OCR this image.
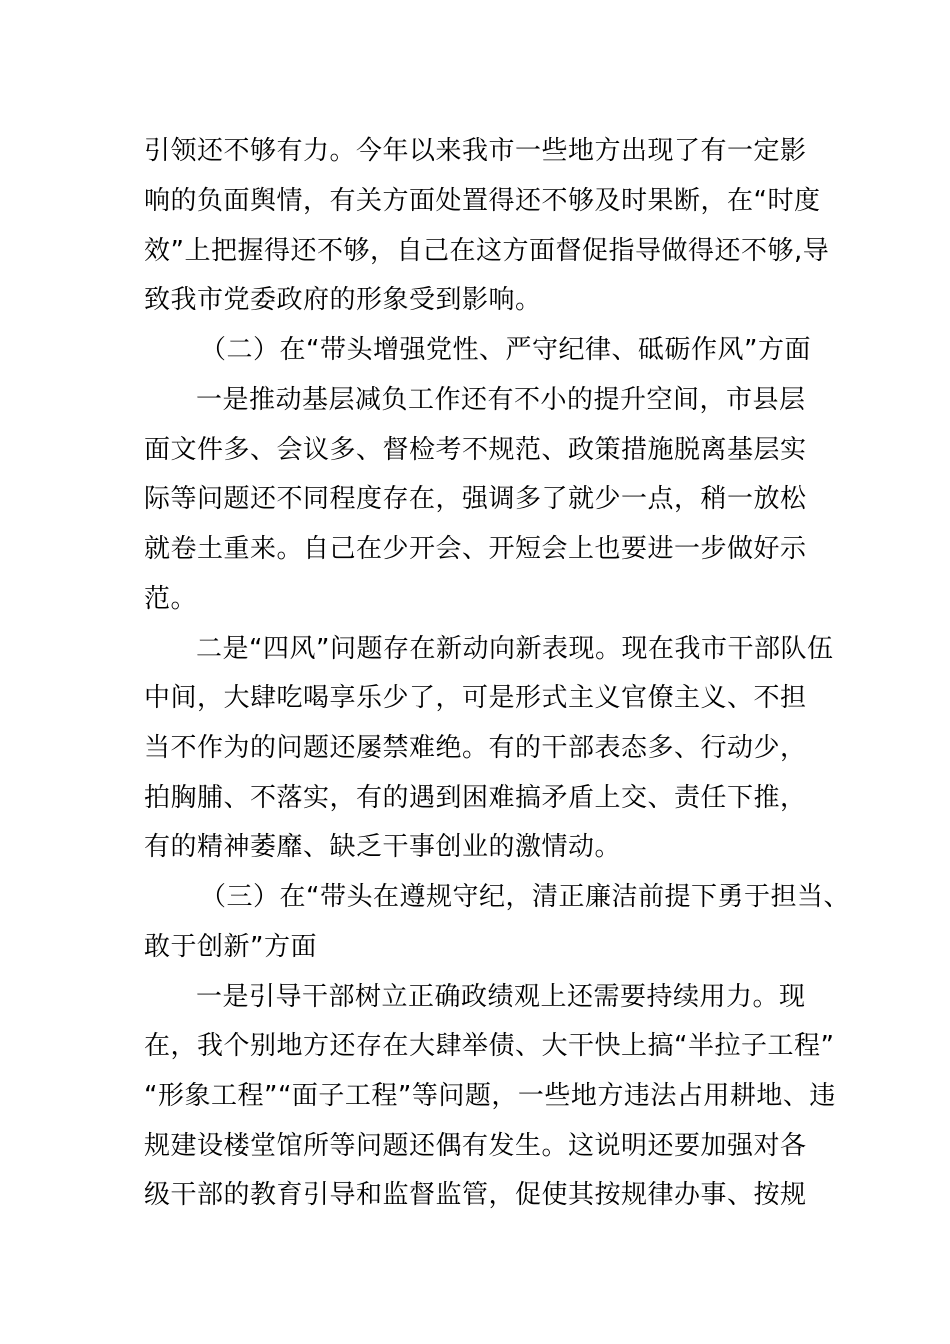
引领还不够有力。今年以来我市一些地方出现了有一定影
响的负面舆情，有关方面处置得还不够及时果断，在“时度
效”上把握得还不够，自己在这方面督促指导做得还不够,导
致我市党委政府的形象受到影响。
（二）在“带头增强党性、严守纪律、砥砺作风”方面
一是推动基层减负工作还有不小的提升空间，市县层
面文件多、会议多、督检考不规范、政策措施脱离基层实
际等问题还不同程度存在，强调多了就少一点，稍一放松
就卷土重来。自己在少开会、开短会上也要进一步做好示
范。
二是“四风”问题存在新动向新表现。现在我市干部队伍
中间，大肆吃喝享乐少了，可是形式主义官僚主义、不担
当不作为的问题还屡禁难绝。有的干部表态多、行动少，
拍胸脯、不落实，有的遇到困难搞矛盾上交、责任下推，
有的精神萎靡、缺乏干事创业的激情动。
（三）在“带头在遵规守纪，清正廉洁前提下勇于担当、
敢于创新”方面
一是引导干部树立正确政绩观上还需要持续用力。现
在，我个别地方还存在大肆举债、大干快上搞“半拉子工程”
“形象工程”“面子工程”等问题，一些地方违法占用耕地、违
规建设楼堂馆所等问题还偶有发生。这说明还要加强对各
级干部的教育引导和监督监管，促使其按规律办事、按规
